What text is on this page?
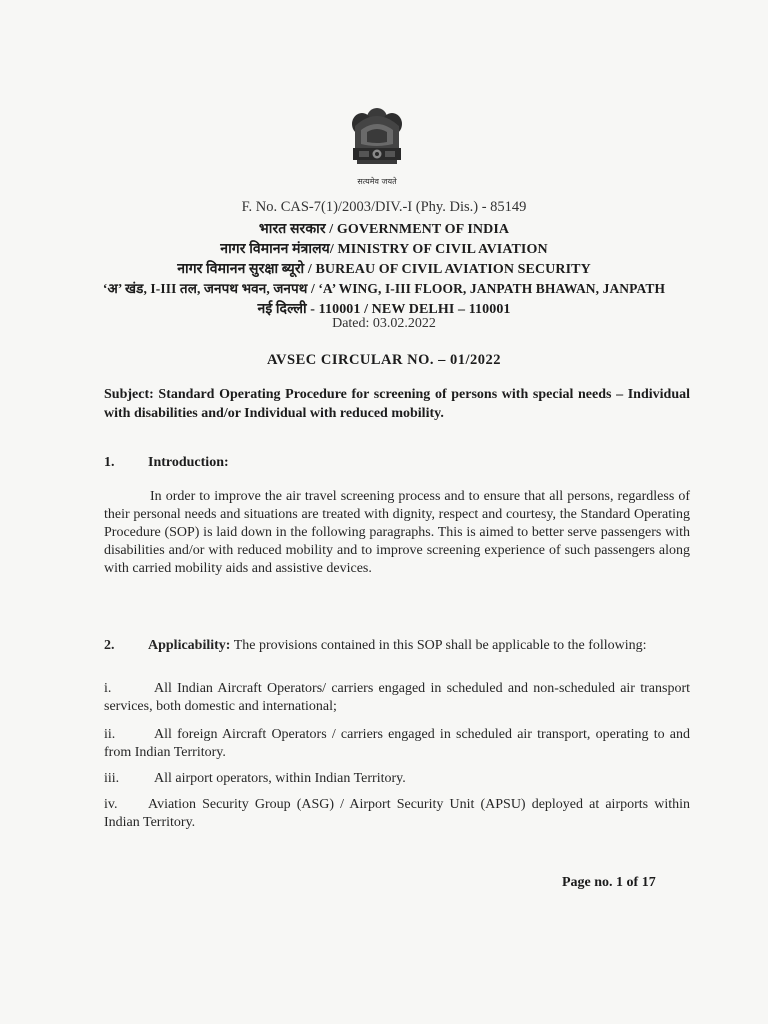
सत्यमेव जयते
F. No. CAS-7(1)/2003/DIV.-I (Phy. Dis.) - 85149
भारत सरकार / GOVERNMENT OF INDIA
नागर विमानन मंत्रालय/ MINISTRY OF CIVIL AVIATION
नागर विमानन सुरक्षा ब्यूरो / BUREAU OF CIVIL AVIATION SECURITY
‘अ’ खंड, I-III तल, जनपथ भवन, जनपथ / ‘A’ WING, I-III FLOOR, JANPATH BHAWAN, JANPATH
नई दिल्ली - 110001 / NEW DELHI – 110001
Dated: 03.02.2022
AVSEC CIRCULAR NO. – 01/2022
Subject: Standard Operating Procedure for screening of persons with special needs – Individual with disabilities and/or Individual with reduced mobility.
1. Introduction:
In order to improve the air travel screening process and to ensure that all persons, regardless of their personal needs and situations are treated with dignity, respect and courtesy, the Standard Operating Procedure (SOP) is laid down in the following paragraphs. This is aimed to better serve passengers with disabilities and/or with reduced mobility and to improve screening experience of such passengers along with carried mobility aids and assistive devices.
2. Applicability: The provisions contained in this SOP shall be applicable to the following:
i.	All Indian Aircraft Operators/ carriers engaged in scheduled and non-scheduled air transport services, both domestic and international;
ii.	All foreign Aircraft Operators / carriers engaged in scheduled air transport, operating to and from Indian Territory.
iii. All airport operators, within Indian Territory.
iv. Aviation Security Group (ASG) / Airport Security Unit (APSU) deployed at airports within Indian Territory.
Page no. 1 of 17
